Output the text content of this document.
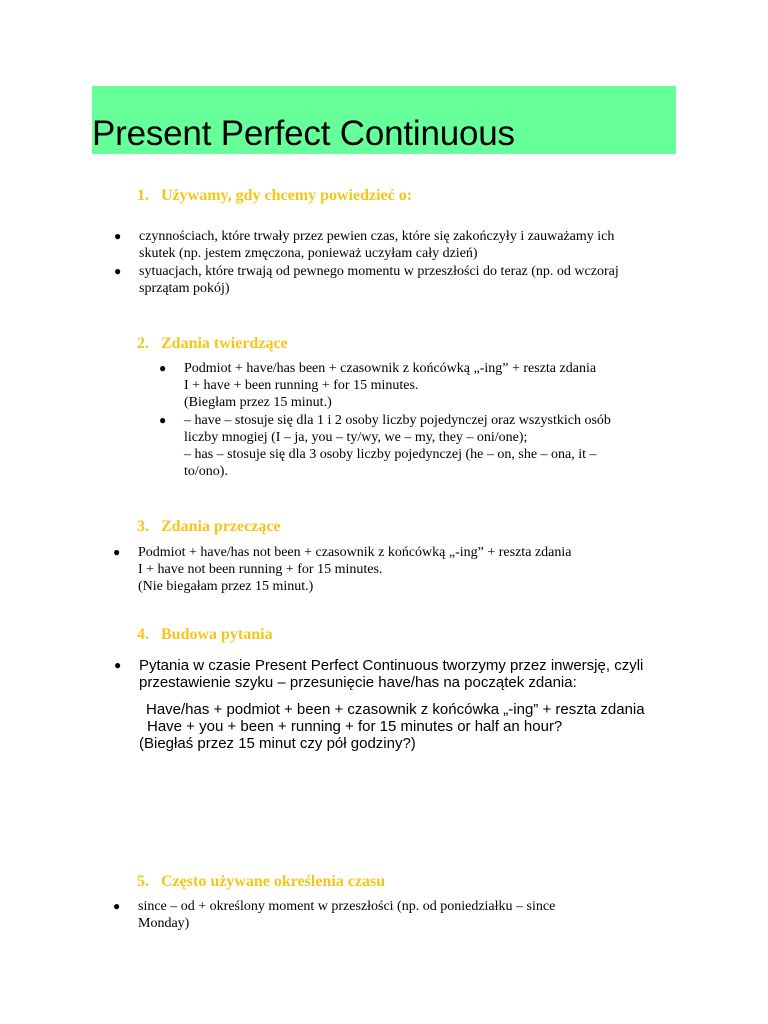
Present Perfect Continuous
1. Używamy, gdy chcemy powiedzieć o:
● czynnościach, które trwały przez pewien czas, które się zakończyły i zauważamy ich
skutek (np. jestem zmęczona, ponieważ uczyłam cały dzień)
● sytuacjach, które trwają od pewnego momentu w przeszłości do teraz (np. od wczoraj
sprzątam pokój)
2. Zdania twierdzące
● Podmiot + have/has been + czasownik z końcówką „-ing” + reszta zdania
I + have + been running + for 15 minutes.
(Biegłam przez 15 minut.)
● – have – stosuje się dla 1 i 2 osoby liczby pojedynczej oraz wszystkich osób
liczby mnogiej (I – ja, you – ty/wy, we – my, they – oni/one);
– has – stosuje się dla 3 osoby liczby pojedynczej (he – on, she – ona, it –
to/ono).
3. Zdania przeczące
● Podmiot + have/has not been + czasownik z końcówką „-ing” + reszta zdania
I + have not been running + for 15 minutes.
(Nie biegałam przez 15 minut.)
4. Budowa pytania
● Pytania w czasie Present Perfect Continuous tworzymy przez inwersję, czyli
przestawienie szyku – przesunięcie have/has na początek zdania:
Have/has + podmiot + been + czasownik z końcówka „-ing” + reszta zdania
Have + you + been + running + for 15 minutes or half an hour?
(Biegłaś przez 15 minut czy pół godziny?)
5. Często używane określenia czasu
● since – od + określony moment w przeszłości (np. od poniedziałku – since
Monday)
